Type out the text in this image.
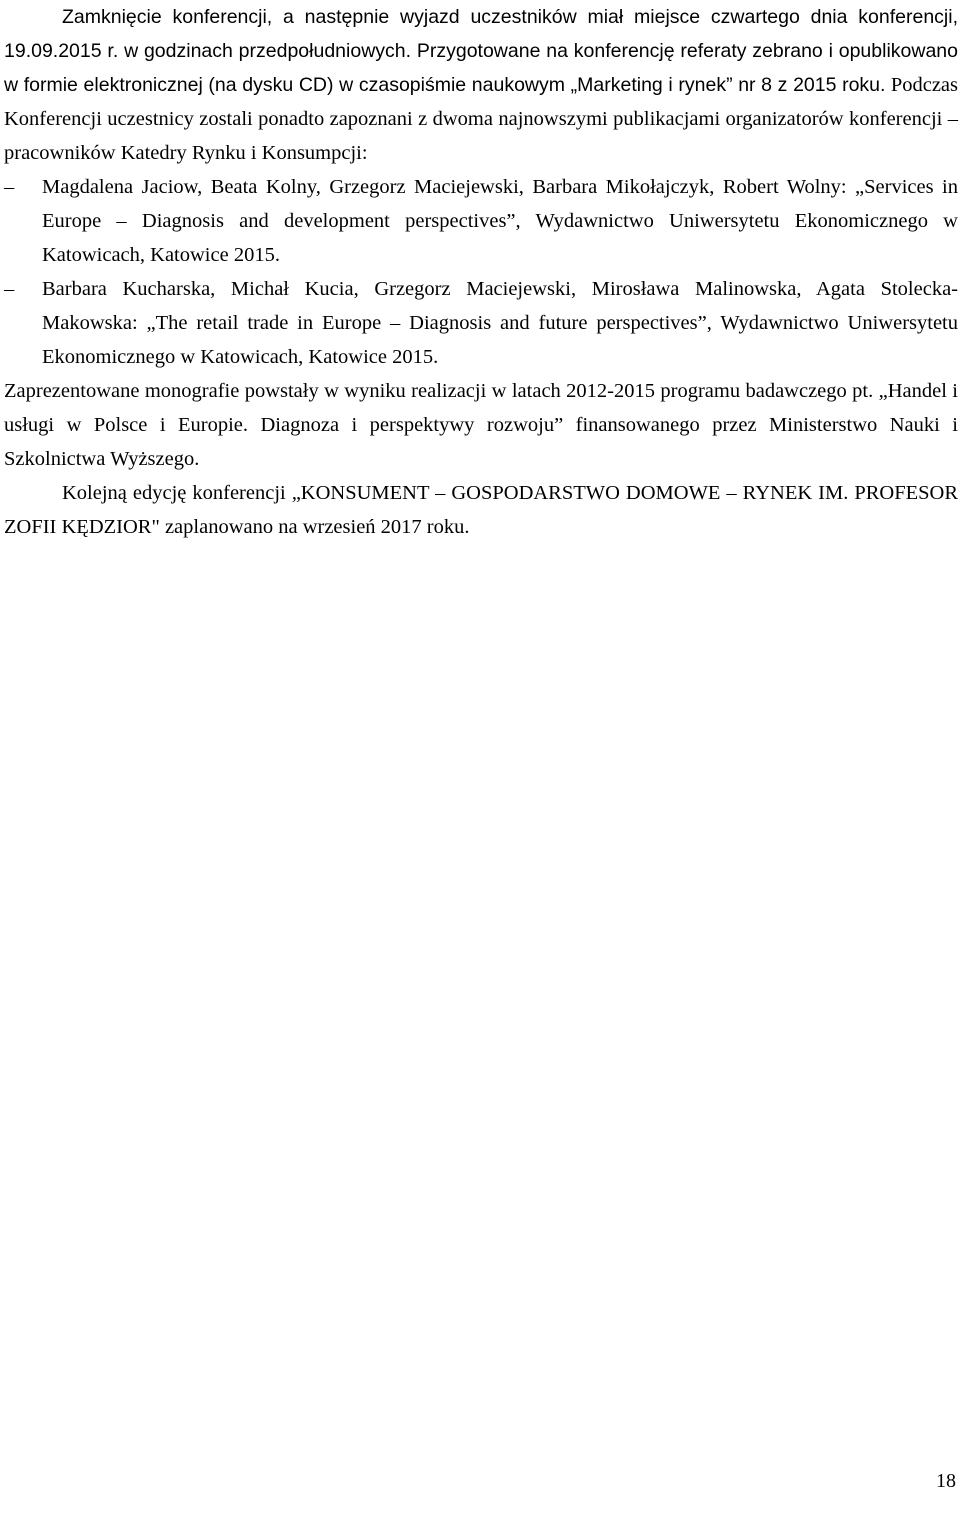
Zamknięcie konferencji, a następnie wyjazd uczestników miał miejsce czwartego dnia konferencji, 19.09.2015 r. w godzinach przedpołudniowych. Przygotowane na konferencję referaty zebrano i opublikowano w formie elektronicznej (na dysku CD) w czasopiśmie naukowym „Marketing i rynek” nr 8 z 2015 roku. Podczas Konferencji uczestnicy zostali ponadto zapoznani z dwoma najnowszymi publikacjami organizatorów konferencji – pracowników Katedry Rynku i Konsumpcji:

–	Magdalena Jaciow, Beata Kolny, Grzegorz Maciejewski, Barbara Mikołajczyk, Robert Wolny: „Services in Europe – Diagnosis and development perspectives”, Wydawnictwo Uniwersytetu Ekonomicznego w Katowicach, Katowice 2015.

–	Barbara Kucharska, Michał Kucia, Grzegorz Maciejewski, Mirosława Malinowska, Agata Stolecka-Makowska: „The retail trade in Europe – Diagnosis and future perspectives”, Wydawnictwo Uniwersytetu Ekonomicznego w Katowicach, Katowice 2015.

Zaprezentowane monografie powstały w wyniku realizacji w latach 2012-2015 programu badawczego pt. „Handel i usługi w Polsce i Europie. Diagnoza i perspektywy rozwoju” finansowanego przez Ministerstwo Nauki i Szkolnictwa Wyższego.

Kolejną edycję konferencji „KONSUMENT – GOSPODARSTWO DOMOWE – RYNEK IM. PROFESOR ZOFII KĘDZIOR" zaplanowano na wrzesień 2017 roku.

18
